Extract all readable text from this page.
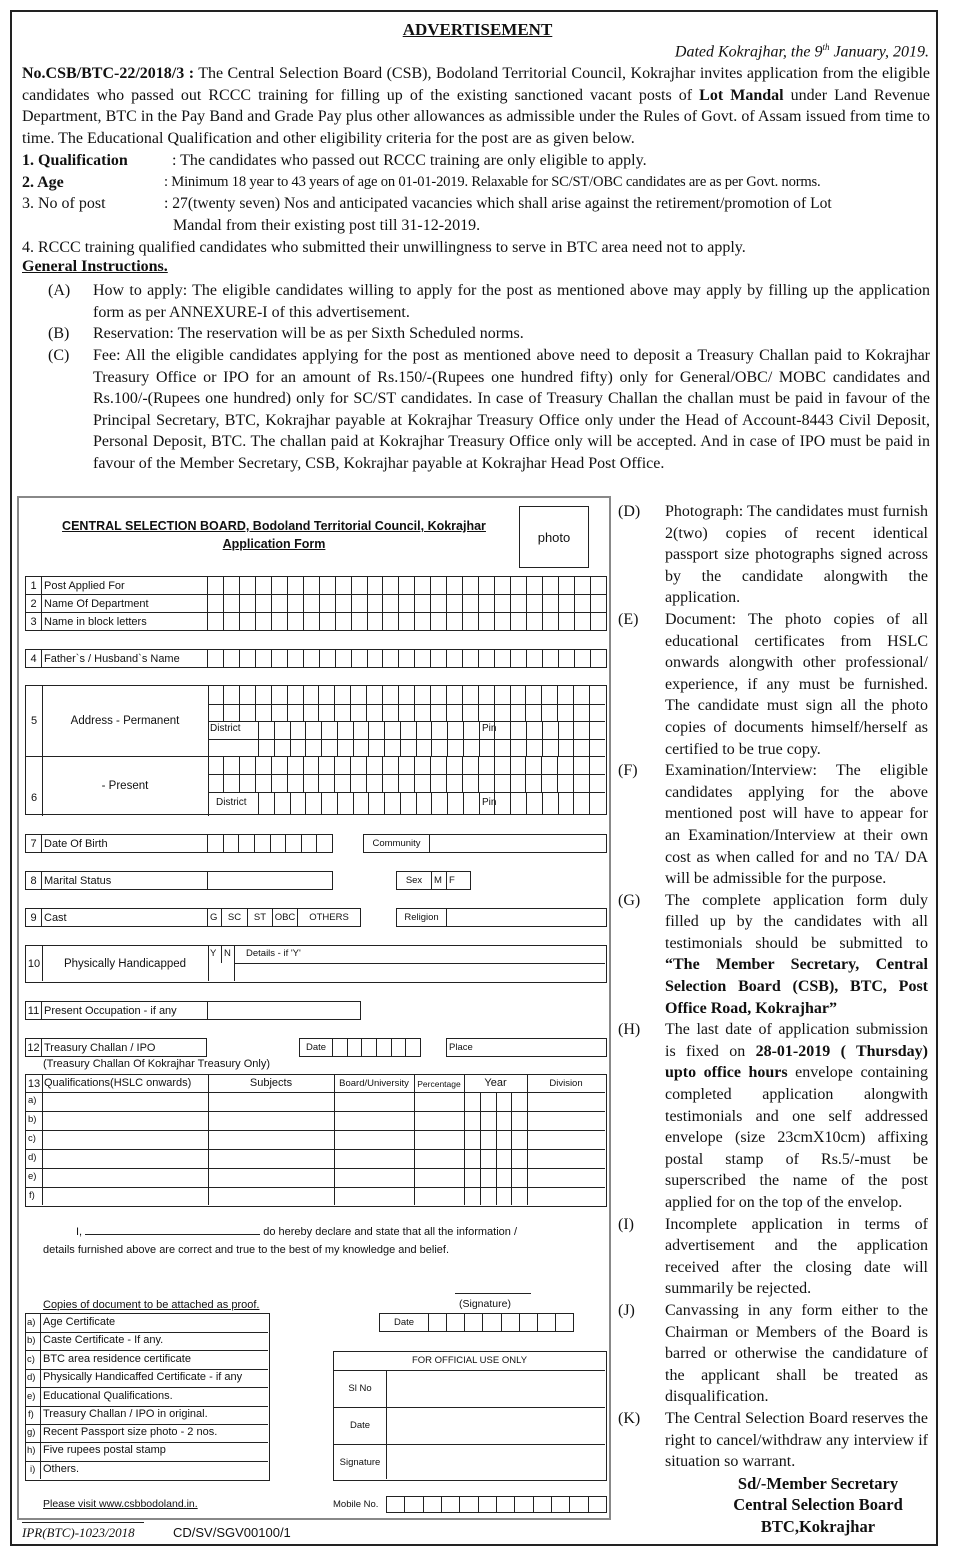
ADVERTISEMENT
Dated Kokrajhar, the 9th January, 2019.
No.CSB/BTC-22/2018/3 : The Central Selection Board (CSB), Bodoland Territorial Council, Kokrajhar invites application from the eligible candidates who passed out RCCC training for filling up of the existing sanctioned vacant posts of Lot Mandal under Land Revenue Department, BTC in the Pay Band and Grade Pay plus other allowances as admissible under the Rules of Govt. of Assam issued from time to time. The Educational Qualification and other eligibility criteria for the post are as given below.
1. Qualification	: The candidates who passed out RCCC training are only eligible to apply.
2. Age	: Minimum 18 year to 43 years of age on 01-01-2019. Relaxable for SC/ST/OBC candidates are as per Govt. norms.
3. No of post	: 27(twenty seven) Nos and anticipated vacancies which shall arise against the retirement/promotion of Lot
Mandal from their existing post till 31-12-2019.
4. RCCC training qualified candidates who submitted their unwillingness to serve in BTC area need not to apply.
General Instructions.
(A) How to apply: The eligible candidates willing to apply for the post as mentioned above may apply by filling up the application form as per ANNEXURE-I of this advertisement.
(B) Reservation: The reservation will be as per Sixth Scheduled norms.
(C) Fee: All the eligible candidates applying for the post as mentioned above need to deposit a Treasury Challan paid to Kokrajhar Treasury Office or IPO for an amount of Rs.150/-(Rupees one hundred fifty) only for General/OBC/ MOBC candidates and Rs.100/-(Rupees one hundred) only for SC/ST candidates. In case of Treasury Challan the challan must be paid in favour of the Principal Secretary, BTC, Kokrajhar payable at Kokrajhar Treasury Office only under the Head of Account-8443 Civil Deposit, Personal Deposit, BTC. The challan paid at Kokrajhar Treasury Office only will be accepted. And in case of IPO must be paid in favour of the Member Secretary, CSB, Kokrajhar payable at Kokrajhar Head Post Office.
CENTRAL SELECTION BOARD, Bodoland Territorial Council, Kokrajhar
Application Form	photo
1 Post Applied For
2 Name Of Department
3 Name in block letters
4 Father`s / Husband`s Name
5	Address - Permanent
6
- Present
District	Pin
District	Pin
7 Date Of Birth	Community
8 Marital Status	Sex	M F
9 Cast	G	SC	ST OBC	OTHERS	Religion
10	Physically Handicapped
Y N Details - if 'Y'
11 Present Occupation - if any
12 Treasury Challan / IPO	Date	Place
(Treasury Challan Of Kokrajhar Treasury Only)
13 Qualifications(HSLC onwards)	Subjects	Board/University Percentage	Year	Division
a)
b)
c)
d)
e)
f)
I,	do hereby declare and state that all the information /
details furnished above are correct and true to the best of my knowledge and belief.
(Signature)
Date
Copies of document to be attached as proof.
a) Age Certificate
b) Caste Certificate - If any.
c) BTC area residence certificate
d) Physically Handicaffed Certificate - if any
e) Educational Qualifications.
f) Treasury Challan / IPO in original.
g) Recent Passport size photo - 2 nos.
h) Five rupees postal stamp
i) Others.
FOR OFFICIAL USE ONLY
Sl No
Date
Signature
Please visit www.csbbodoland.in.	Mobile No.
(D) Photograph: The candidates must furnish 2(two) copies of recent identical passport size photographs signed across by the candidate alongwith the application.
(E) Document: The photo copies of all educational certificates from HSLC onwards alongwith other professional/ experience, if any must be furnished. The candidate must sign all the photo copies of documents himself/herself as certified to be true copy.
(F) Examination/Interview: The eligible candidates applying for the above mentioned post will have to appear for an Examination/Interview at their own cost as when called for and no TA/ DA will be admissible for the purpose.
(G) The complete application form duly filled up by the candidates with all testimonials should be submitted to “The Member Secretary, Central Selection Board (CSB), BTC, Post Office Road, Kokrajhar”
(H) The last date of application submission is fixed on 28-01-2019 ( Thursday) upto office hours envelope containing completed application alongwith testimonials and one self addressed envelope (size 23cmX10cm) affixing postal stamp of Rs.5/-must be superscribed the name of the post applied for on the top of the envelop.
(I) Incomplete application in terms of advertisement and the application received after the closing date will summarily be rejected.
(J) Canvassing in any form either to the Chairman or Members of the Board is barred or otherwise the candidature of the applicant shall be treated as disqualification.
(K) The Central Selection Board reserves the right to cancel/withdraw any interview if situation so warrant.
Sd/-Member Secretary
Central Selection Board
BTC,Kokrajhar
IPR(BTC)-1023/2018	CD/SV/SGV00100/1
